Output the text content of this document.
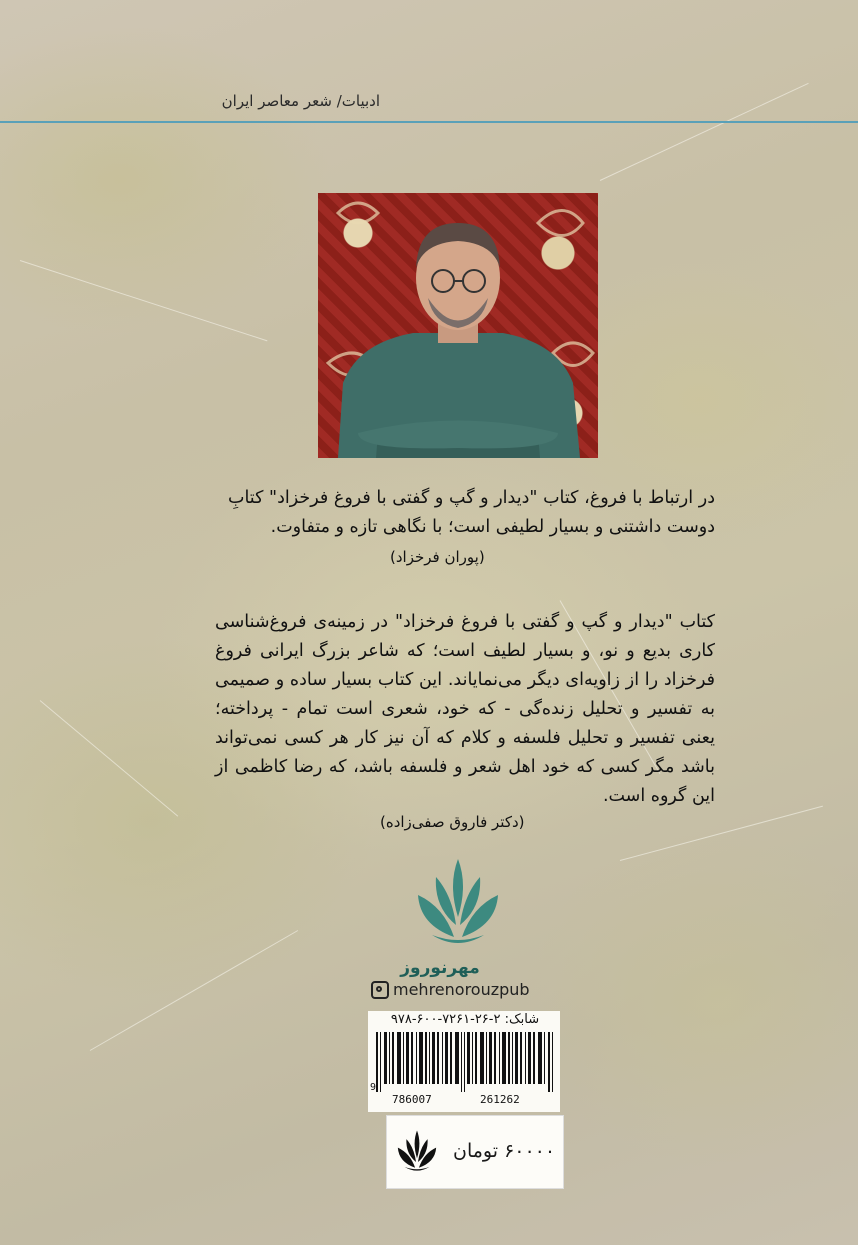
ادبیات/ شعر معاصر ایران
در ارتباط با فروغ، کتاب "دیدار و گپ و گفتی با فروغ فرخزاد" کتابِ دوست داشتنی و بسیار لطیفی است؛ با نگاهی تازه و متفاوت.
(پوران فرخزاد)
کتاب "دیدار و گپ و گفتی با فروغ فرخزاد" در زمینه‌ی فروغ‌شناسی کاری بدیع و نو، و بسیار لطیف است؛ که شاعر بزرگ ایرانی فروغ فرخزاد را از زاویه‌ای دیگر می‌نمایاند. این کتاب بسیار ساده و صمیمی به تفسیر و تحلیل زنده‌گی - که خود، شعری است تمام - پرداخته؛ یعنی تفسیر و تحلیل فلسفه و کلام که آن نیز کار هر کسی نمی‌تواند باشد مگر کسی که خود اهل شعر و فلسفه باشد، که رضا کاظمی از این گروه است.
(دکتر فاروق صفی‌زاده)
مهرنوروز
mehrenorouzpub
شابک: ۲-۲۶-۷۲۶۱-۶۰۰-۹۷۸
9
786007	261262
۶۰۰۰۰ تومان
